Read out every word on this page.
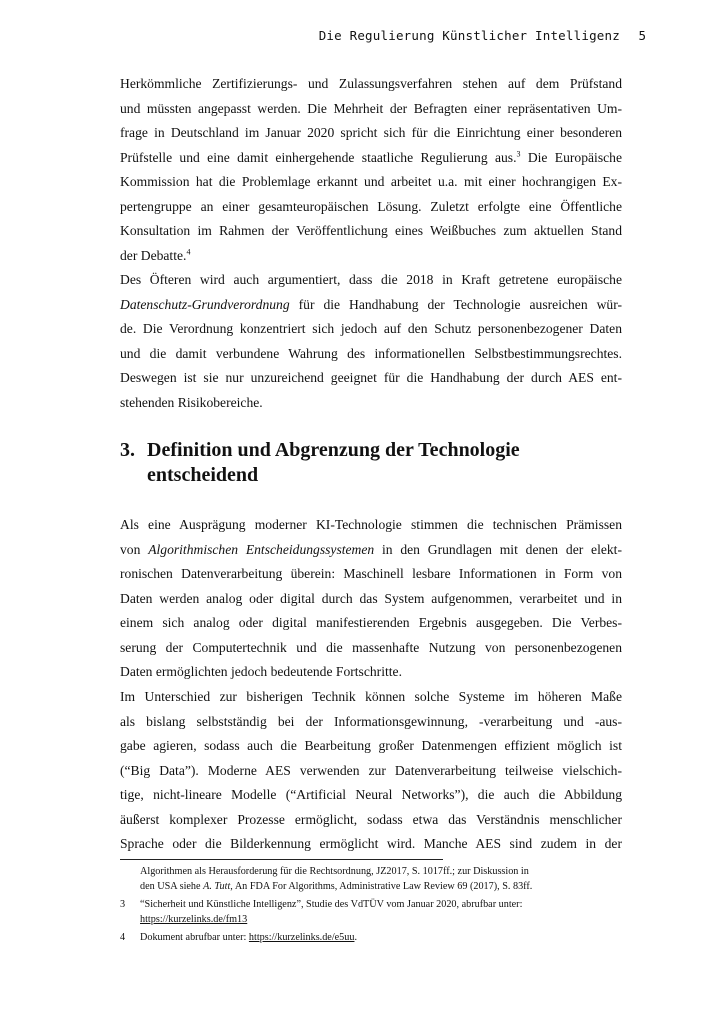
Die Regulierung Künstlicher Intelligenz 5
Herkömmliche Zertifizierungs- und Zulassungsverfahren stehen auf dem Prüfstand
und müssten angepasst werden. Die Mehrheit der Befragten einer repräsentativen Um-
frage in Deutschland im Januar 2020 spricht sich für die Einrichtung einer besonderen
Prüfstelle und eine damit einhergehende staatliche Regulierung aus.$^3$ Die Europäische
Kommission hat die Problemlage erkannt und arbeitet u.a. mit einer hochrangigen Ex-
pertengruppe an einer gesamteuropäischen Lösung. Zuletzt erfolgte eine Öffentliche
Konsultation im Rahmen der Veröffentlichung eines Weißbuches zum aktuellen Stand
der Debatte.$^4$
Des Öfteren wird auch argumentiert, dass die 2018 in Kraft getretene europäische
Datenschutz-Grundverordnung für die Handhabung der Technologie ausreichen wür-
de. Die Verordnung konzentriert sich jedoch auf den Schutz personenbezogener Daten
und die damit verbundene Wahrung des informationellen Selbstbestimmungsrechtes.
Deswegen ist sie nur unzureichend geeignet für die Handhabung der durch AES ent-
stehenden Risikobereiche.
3. Definition und Abgrenzung der Technologie
entscheidend
Als eine Ausprägung moderner KI-Technologie stimmen die technischen Prämissen
von Algorithmischen Entscheidungssystemen in den Grundlagen mit denen der elekt-
ronischen Datenverarbeitung überein: Maschinell lesbare Informationen in Form von
Daten werden analog oder digital durch das System aufgenommen, verarbeitet und in
einem sich analog oder digital manifestierenden Ergebnis ausgegeben. Die Verbes-
serung der Computertechnik und die massenhafte Nutzung von personenbezogenen
Daten ermöglichten jedoch bedeutende Fortschritte.
Im Unterschied zur bisherigen Technik können solche Systeme im höheren Maße
als bislang selbstständig bei der Informationsgewinnung, -verarbeitung und -aus-
gabe agieren, sodass auch die Bearbeitung großer Datenmengen effizient möglich ist
(“Big Data”). Moderne AES verwenden zur Datenverarbeitung teilweise vielschich-
tige, nicht-lineare Modelle (“Artificial Neural Networks”), die auch die Abbildung
äußerst komplexer Prozesse ermöglicht, sodass etwa das Verständnis menschlicher
Sprache oder die Bilderkennung ermöglicht wird. Manche AES sind zudem in der
Algorithmen als Herausforderung für die Rechtsordnung, JZ2017, S. 1017ff.; zur Diskussion in
den USA siehe A. Tutt, An FDA For Algorithms, Administrative Law Review 69 (2017), S. 83ff.
3 “Sicherheit und Künstliche Intelligenz”, Studie des VdTÜV vom Januar 2020, abrufbar unter:
https://kurzelinks.de/fm13
4 Dokument abrufbar unter: https://kurzelinks.de/e5uu.
